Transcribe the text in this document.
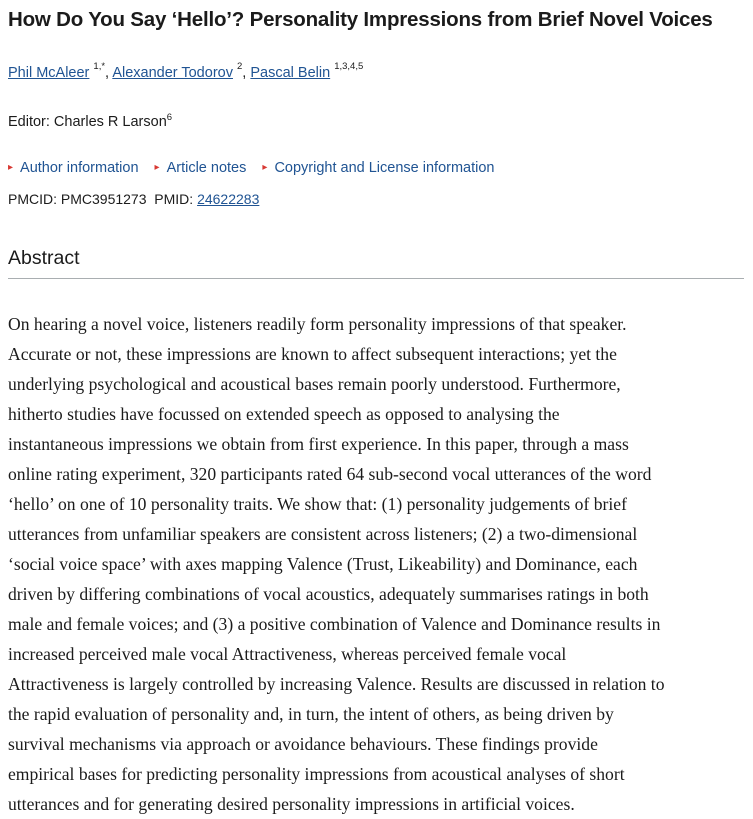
How Do You Say ‘Hello’? Personality Impressions from Brief Novel Voices
Phil McAleer $^{1,*}$, Alexander Todorov $^2$, Pascal Belin $^{1,3,4,5}$
Editor: Charles R Larson$^6$
▸ Author information
▸ Article notes
▸ Copyright and License information
PMCID: PMC3951273 PMID: 24622283
Abstract
On hearing a novel voice, listeners readily form personality impressions of that speaker.
Accurate or not, these impressions are known to affect subsequent interactions; yet the
underlying psychological and acoustical bases remain poorly understood. Furthermore,
hitherto studies have focussed on extended speech as opposed to analysing the
instantaneous impressions we obtain from first experience. In this paper, through a mass
online rating experiment, 320 participants rated 64 sub-second vocal utterances of the word
‘hello’ on one of 10 personality traits. We show that: (1) personality judgements of brief
utterances from unfamiliar speakers are consistent across listeners; (2) a two-dimensional
‘social voice space’ with axes mapping Valence (Trust, Likeability) and Dominance, each
driven by differing combinations of vocal acoustics, adequately summarises ratings in both
male and female voices; and (3) a positive combination of Valence and Dominance results in
increased perceived male vocal Attractiveness, whereas perceived female vocal
Attractiveness is largely controlled by increasing Valence. Results are discussed in relation to
the rapid evaluation of personality and, in turn, the intent of others, as being driven by
survival mechanisms via approach or avoidance behaviours. These findings provide
empirical bases for predicting personality impressions from acoustical analyses of short
utterances and for generating desired personality impressions in artificial voices.
